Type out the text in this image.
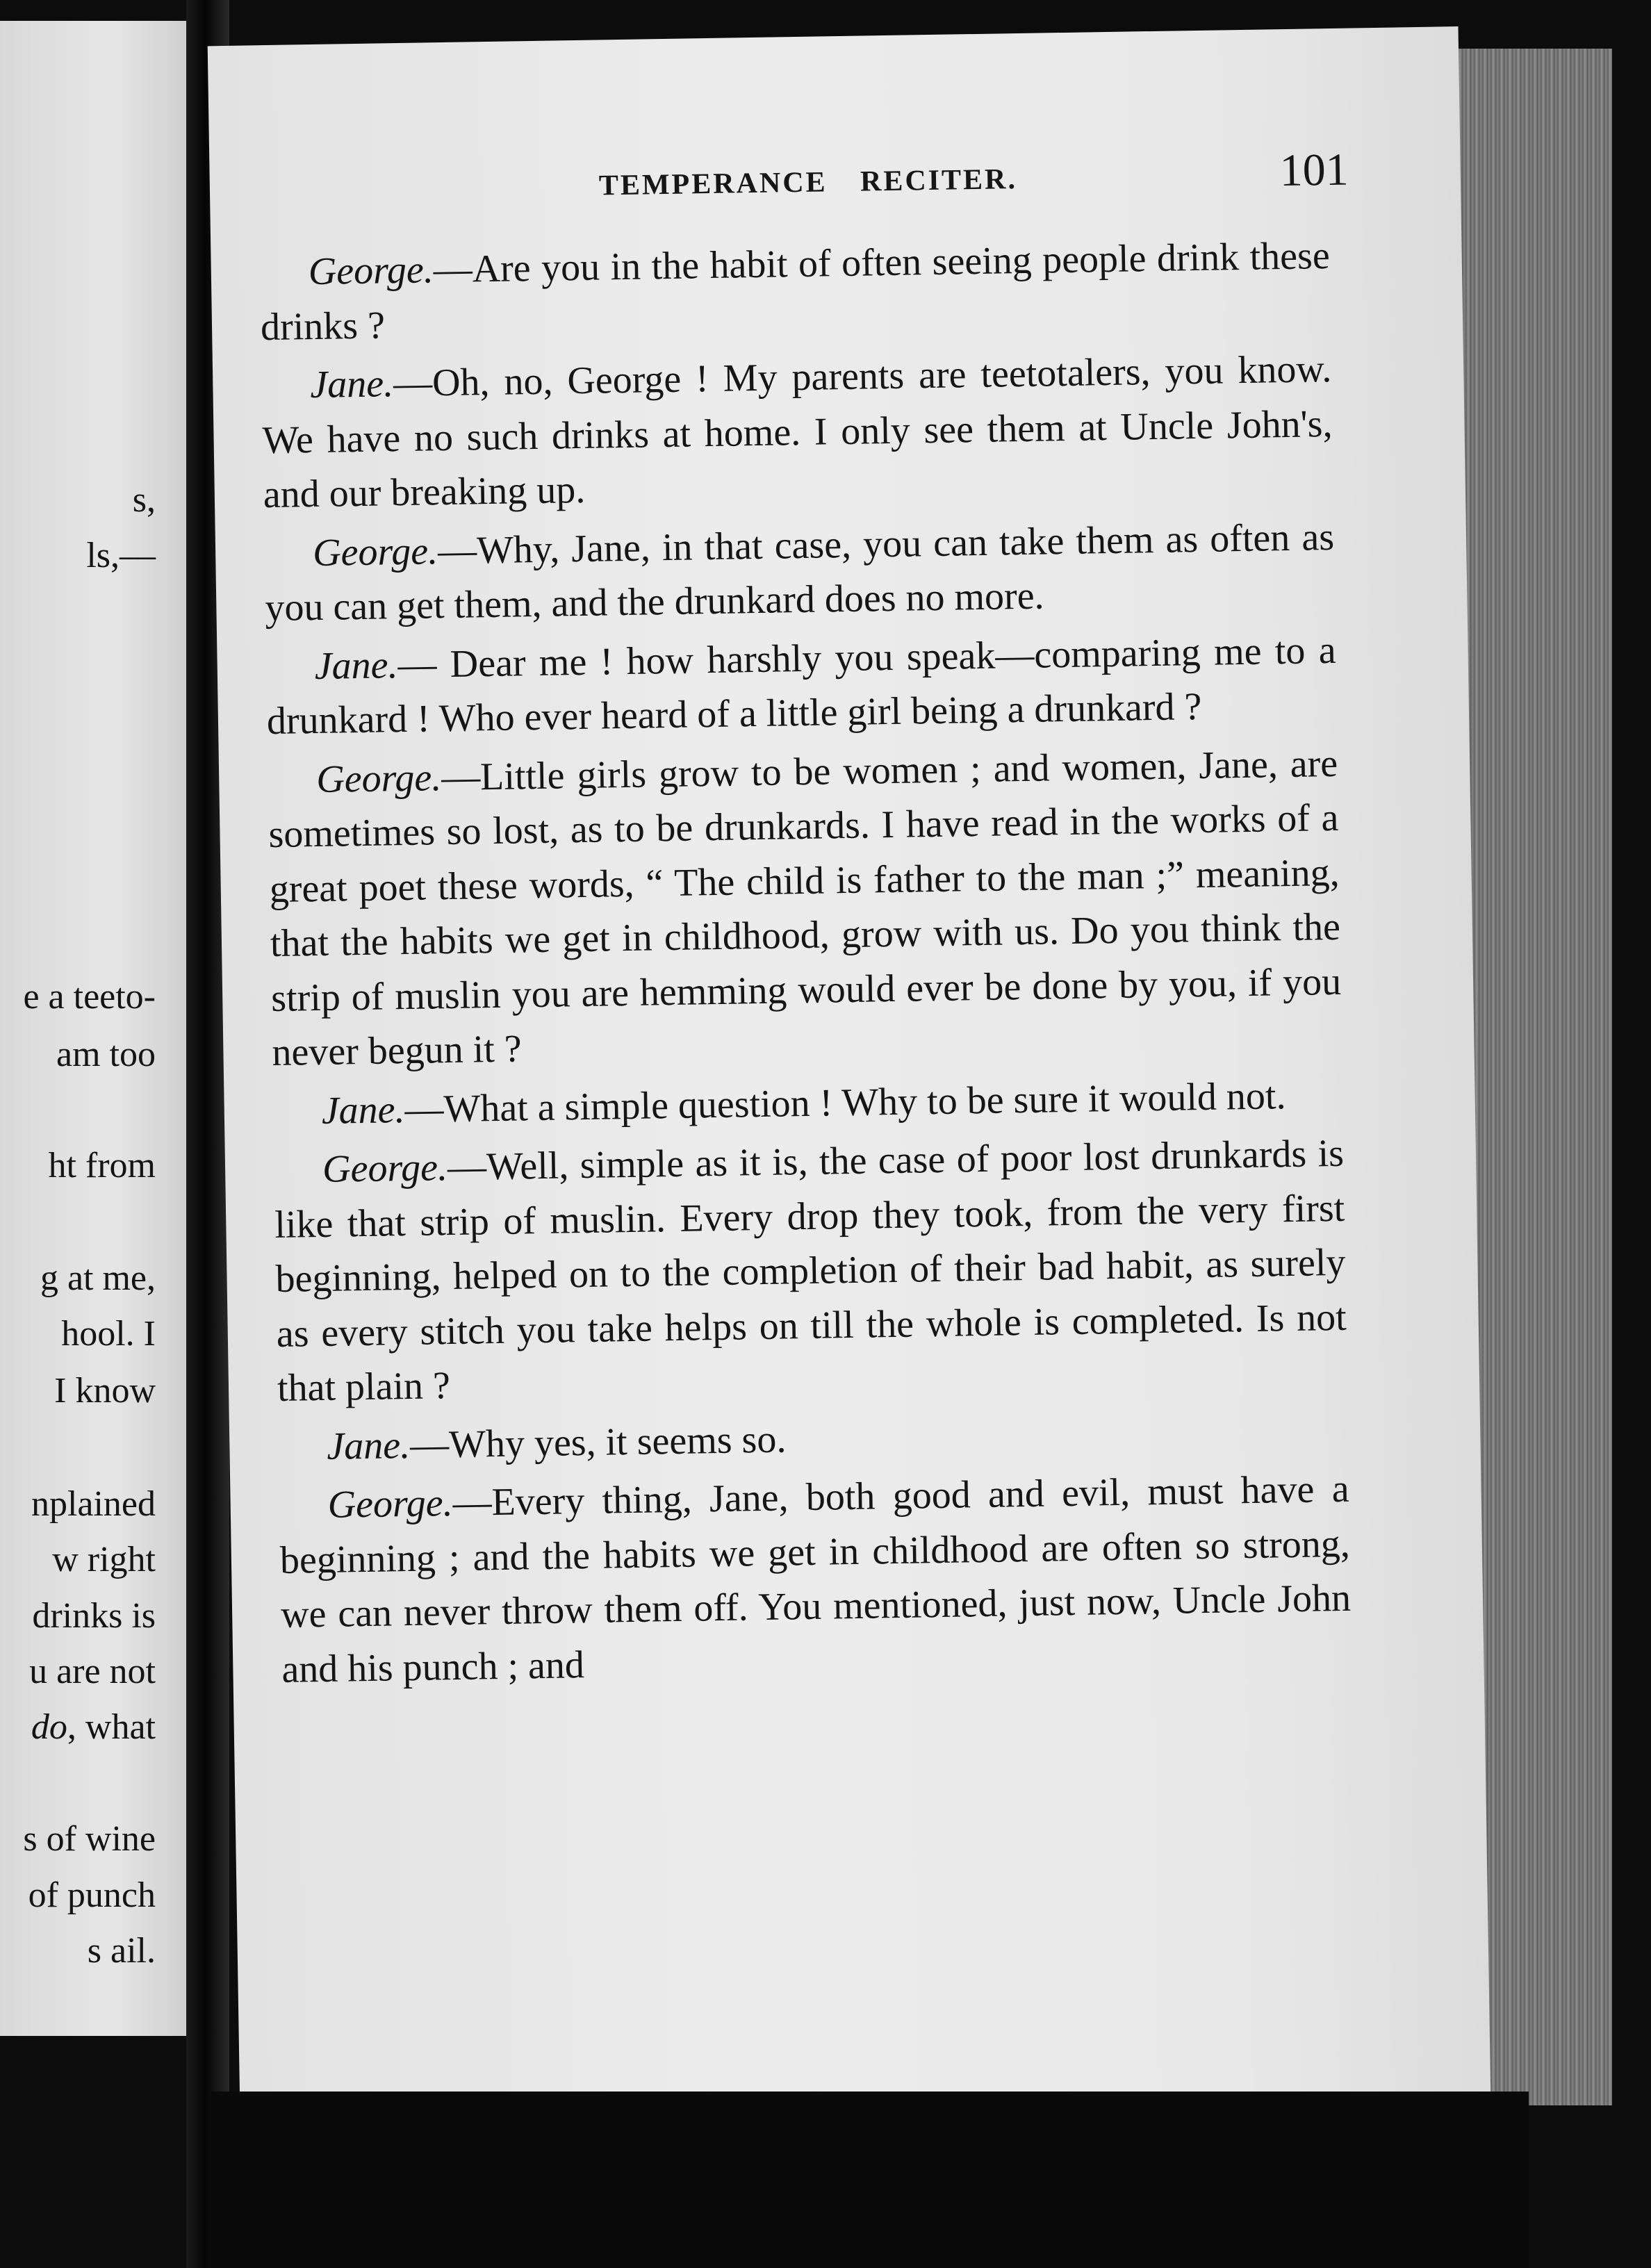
s,
ls,—
e a teeto-
am too
ht from
g at me,
hool. I
I know
nplained
w right
drinks is
u are not
do, what
s of wine
of punch
s ail.
TEMPERANCE RECITER.	101

George.—Are you in the habit of often seeing people drink these drinks ?

Jane.—Oh, no, George ! My parents are teetotalers, you know. We have no such drinks at home. I only see them at Uncle John's, and our breaking up.

George.—Why, Jane, in that case, you can take them as often as you can get them, and the drunkard does no more.

Jane.— Dear me ! how harshly you speak—comparing me to a drunkard ! Who ever heard of a little girl being a drunkard ?

George.—Little girls grow to be women ; and women, Jane, are sometimes so lost, as to be drunkards. I have read in the works of a great poet these words, “ The child is father to the man ;” meaning, that the habits we get in childhood, grow with us. Do you think the strip of muslin you are hemming would ever be done by you, if you never begun it ?

Jane.—What a simple question ! Why to be sure it would not.

George.—Well, simple as it is, the case of poor lost drunkards is like that strip of muslin. Every drop they took, from the very first beginning, helped on to the completion of their bad habit, as surely as every stitch you take helps on till the whole is completed. Is not that plain ?

Jane.—Why yes, it seems so.

George.—Every thing, Jane, both good and evil, must have a beginning ; and the habits we get in childhood are often so strong, we can never throw them off. You mentioned, just now, Uncle John and his punch ; and
